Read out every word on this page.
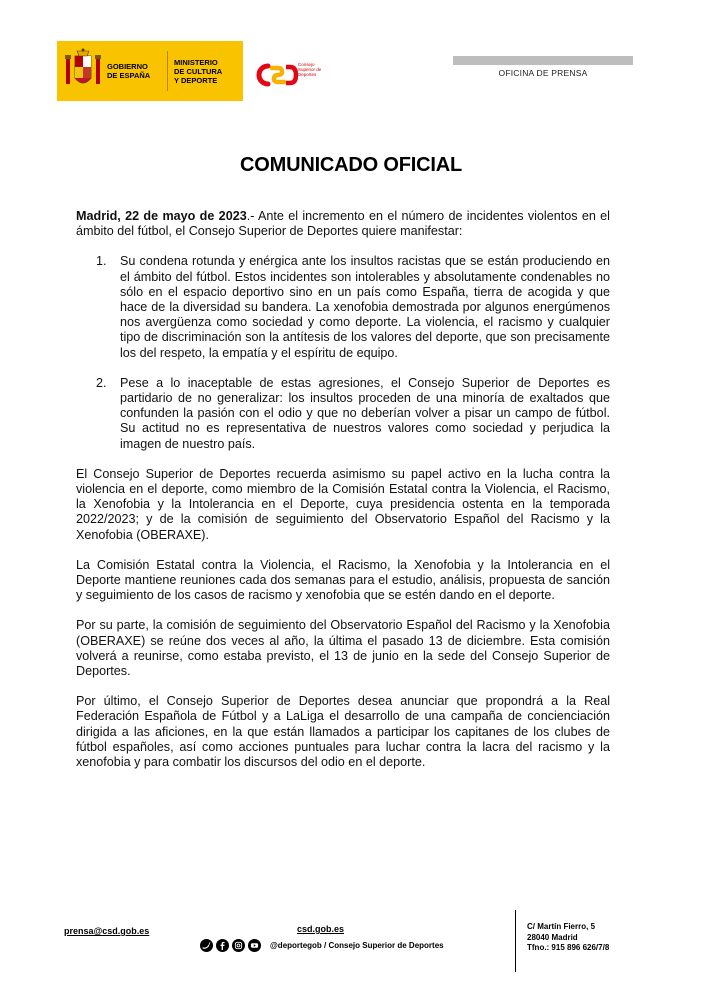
GOBIERNO
DE ESPAÑA
MINISTERIO
DE CULTURA
Y DEPORTE
Consejo
Superior de
Deportes	OFICINA DE PRENSA
COMUNICADO OFICIAL

Madrid, 22 de mayo de 2023.- Ante el incremento en el número de incidentes violentos en el ámbito del fútbol, el Consejo Superior de Deportes quiere manifestar:

1.	Su condena rotunda y enérgica ante los insultos racistas que se están produciendo en el ámbito del fútbol. Estos incidentes son intolerables y absolutamente condenables no sólo en el espacio deportivo sino en un país como España, tierra de acogida y que hace de la diversidad su bandera. La xenofobia demostrada por algunos energúmenos nos avergüenza como sociedad y como deporte. La violencia, el racismo y cualquier tipo de discriminación son la antítesis de los valores del deporte, que son precisamente los del respeto, la empatía y el espíritu de equipo.
2.	Pese a lo inaceptable de estas agresiones, el Consejo Superior de Deportes es partidario de no generalizar: los insultos proceden de una minoría de exaltados que confunden la pasión con el odio y que no deberían volver a pisar un campo de fútbol. Su actitud no es representativa de nuestros valores como sociedad y perjudica la imagen de nuestro país.

El Consejo Superior de Deportes recuerda asimismo su papel activo en la lucha contra la violencia en el deporte, como miembro de la Comisión Estatal contra la Violencia, el Racismo, la Xenofobia y la Intolerancia en el Deporte, cuya presidencia ostenta en la temporada 2022/2023; y de la comisión de seguimiento del Observatorio Español del Racismo y la Xenofobia (OBERAXE).

La Comisión Estatal contra la Violencia, el Racismo, la Xenofobia y la Intolerancia en el Deporte mantiene reuniones cada dos semanas para el estudio, análisis, propuesta de sanción y seguimiento de los casos de racismo y xenofobia que se estén dando en el deporte.

Por su parte, la comisión de seguimiento del Observatorio Español del Racismo y la Xenofobia (OBERAXE) se reúne dos veces al año, la última el pasado 13 de diciembre. Esta comisión volverá a reunirse, como estaba previsto, el 13 de junio en la sede del Consejo Superior de Deportes.

Por último, el Consejo Superior de Deportes desea anunciar que propondrá a la Real Federación Española de Fútbol y a LaLiga el desarrollo de una campaña de concienciación dirigida a las aficiones, en la que están llamados a participar los capitanes de los clubes de fútbol españoles, así como acciones puntuales para luchar contra la lacra del racismo y la xenofobia y para combatir los discursos del odio en el deporte.

prensa@csd.gob.es	csd.gob.es
@deportegob / Consejo Superior de Deportes
C/ Martín Fierro, 5
28040 Madrid
Tfno.: 915 896 626/7/8
